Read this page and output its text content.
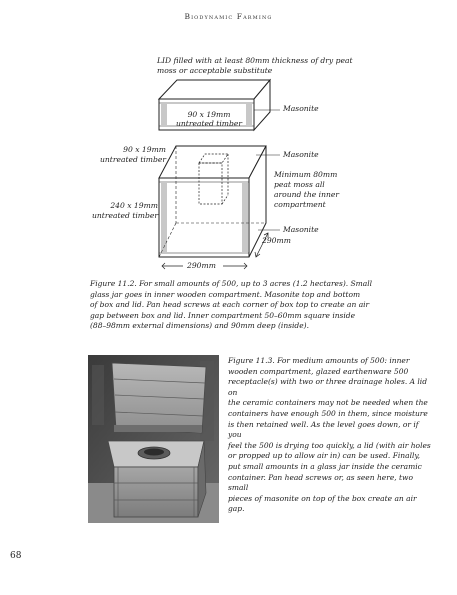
Biodynamic Farming
LID filled with at least 80mm thickness of dry peat
moss or acceptable substitute
90 x 19mm
untreated timber
Masonite
90 x 19mm
untreated timber
Masonite
Minimum 80mm
peat moss all
around the inner
compartment
240 x 19mm
untreated timber
Masonite
290mm
290mm
Figure 11.2. For small amounts of 500, up to 3 acres (1.2 hectares). Small
glass jar goes in inner wooden compartment. Masonite top and bottom
of box and lid. Pan head screws at each corner of box top to create an air
gap between box and lid. Inner compartment 50–60mm square inside
(88–98mm external dimensions) and 90mm deep (inside).
Figure 11.3. For medium amounts of 500: inner
wooden compartment, glazed earthenware 500
receptacle(s) with two or three drainage holes. A lid on
the ceramic containers may not be needed when the
containers have enough 500 in them, since moisture
is then retained well. As the level goes down, or if you
feel the 500 is drying too quickly, a lid (with air holes
or propped up to allow air in) can be used. Finally,
put small amounts in a glass jar inside the ceramic
container. Pan head screws or, as seen here, two small
pieces of masonite on top of the box create an air gap.
68
